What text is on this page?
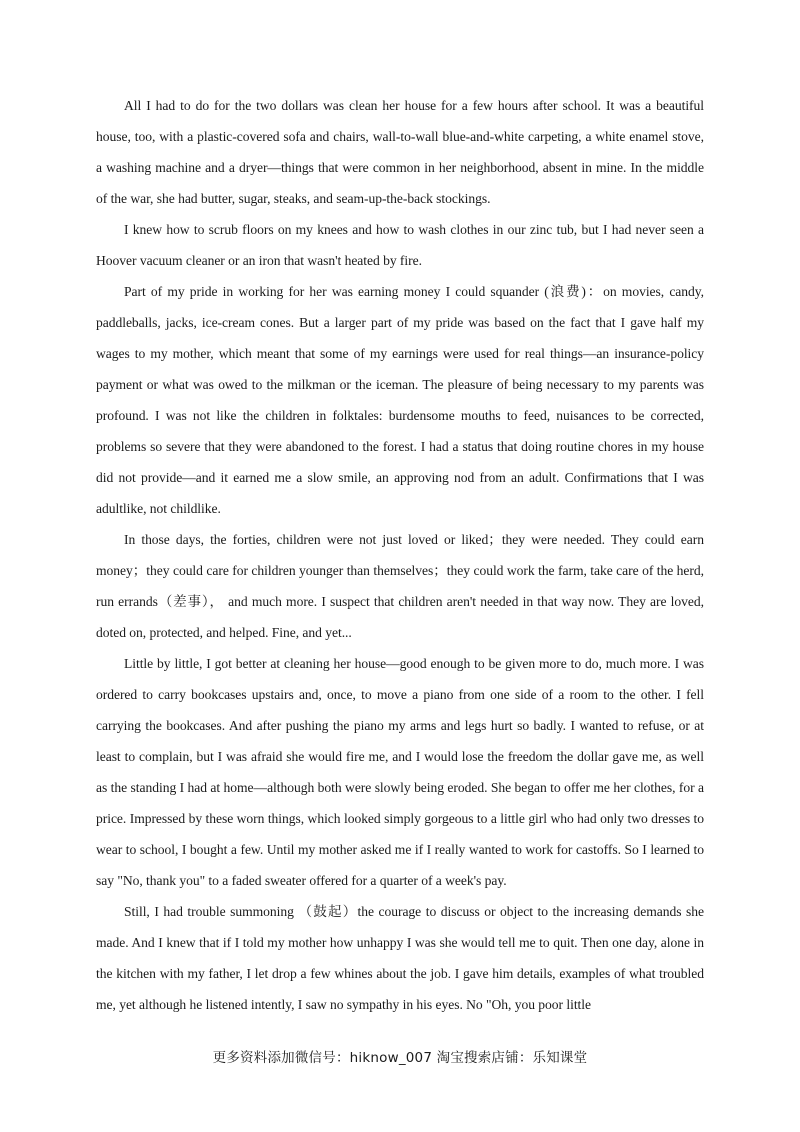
All I had to do for the two dollars was clean her house for a few hours after school. It was a beautiful house, too, with a plastic-covered sofa and chairs, wall-to-wall blue-and-white carpeting, a white enamel stove, a washing machine and a dryer—things that were common in her neighborhood, absent in mine. In the middle of the war, she had butter, sugar, steaks, and seam-up-the-back stockings.

I knew how to scrub floors on my knees and how to wash clothes in our zinc tub, but I had never seen a Hoover vacuum cleaner or an iron that wasn't heated by fire.

Part of my pride in working for her was earning money I could squander (浪费)：on movies, candy, paddleballs, jacks, ice-cream cones. But a larger part of my pride was based on the fact that I gave half my wages to my mother, which meant that some of my earnings were used for real things—an insurance-policy payment or what was owed to the milkman or the iceman. The pleasure of being necessary to my parents was profound. I was not like the children in folktales: burdensome mouths to feed, nuisances to be corrected, problems so severe that they were abandoned to the forest. I had a status that doing routine chores in my house did not provide—and it earned me a slow smile, an approving nod from an adult. Confirmations that I was adultlike, not childlike.

In those days, the forties, children were not just loved or liked；they were needed. They could earn money；they could care for children younger than themselves；they could work the farm, take care of the herd, run errands（差事）， and much more. I suspect that children aren't needed in that way now. They are loved, doted on, protected, and helped. Fine, and yet...

Little by little, I got better at cleaning her house—good enough to be given more to do, much more. I was ordered to carry bookcases upstairs and, once, to move a piano from one side of a room to the other. I fell carrying the bookcases. And after pushing the piano my arms and legs hurt so badly. I wanted to refuse, or at least to complain, but I was afraid she would fire me, and I would lose the freedom the dollar gave me, as well as the standing I had at home—although both were slowly being eroded. She began to offer me her clothes, for a price. Impressed by these worn things, which looked simply gorgeous to a little girl who had only two dresses to wear to school, I bought a few. Until my mother asked me if I really wanted to work for castoffs. So I learned to say "No, thank you" to a faded sweater offered for a quarter of a week's pay.

Still, I had trouble summoning （鼓起）the courage to discuss or object to the increasing demands she made. And I knew that if I told my mother how unhappy I was she would tell me to quit. Then one day, alone in the kitchen with my father, I let drop a few whines about the job. I gave him details, examples of what troubled me, yet although he listened intently, I saw no sympathy in his eyes. No "Oh, you poor little

更多资料添加微信号：hiknow_007 淘宝搜索店铺：乐知课堂
